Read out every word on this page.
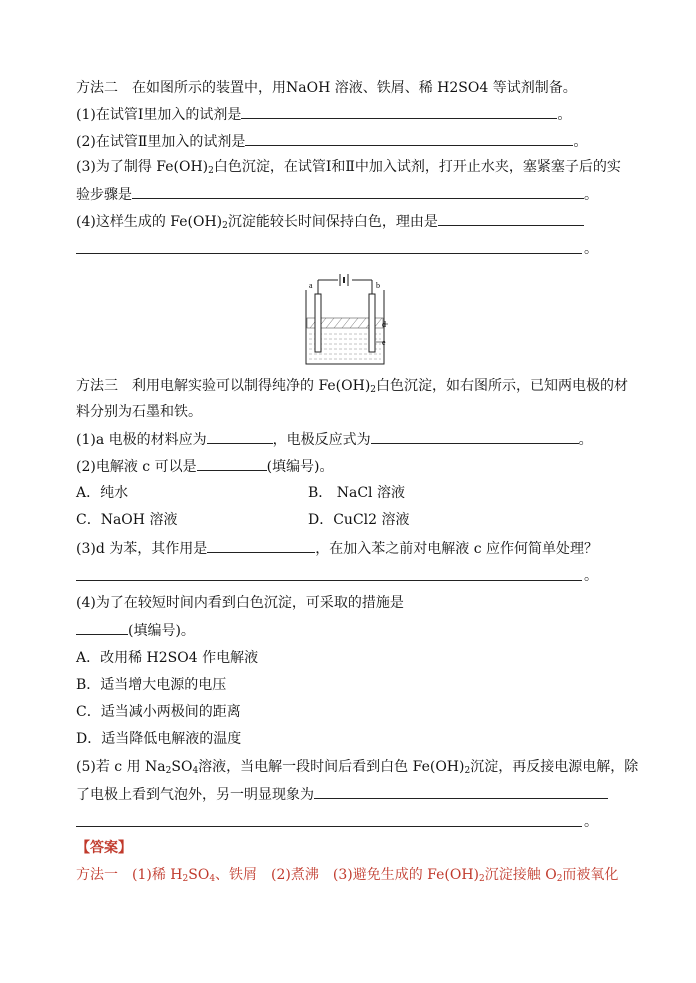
方法二　在如图所示的装置中，用NaOH 溶液、铁屑、稀 H2SO4 等试剂制备。
(1)在试管Ⅰ里加入的试剂是	。
(2)在试管Ⅱ里加入的试剂是	。
(3)为了制得 $Fe(OH)_2$白色沉淀，在试管Ⅰ和Ⅱ中加入试剂，打开止水夹，塞紧塞子后的实
验步骤是	。
(4)这样生成的 $Fe(OH)_2$沉淀能较长时间保持白色，理由是
。
a	b
d
e
方法三　利用电解实验可以制得纯净的 $Fe(OH)_2$白色沉淀，如右图所示，已知两电极的材
料分别为石墨和铁。
(1)a 电极的材料应为	，电极反应式为	。
(2)电解液 c 可以是	(填编号)。
A．纯水	B． NaCl 溶液
C．NaOH 溶液	D．CuCl2 溶液
(3)d 为苯，其作用是	，在加入苯之前对电解液 c 应作何简单处理？
。
(4)为了在较短时间内看到白色沉淀，可采取的措施是
(填编号)。
A．改用稀 H2SO4 作电解液
B．适当增大电源的电压
C．适当减小两极间的距离
D．适当降低电解液的温度
(5)若 c 用 $Na_2SO_4$溶液，当电解一段时间后看到白色 $Fe(OH)_2$沉淀，再反接电源电解，除
了电极上看到气泡外，另一明显现象为
。
【答案】
方法一　(1)稀 $H_2SO_4$、铁屑　(2)煮沸　(3)避免生成的 $Fe(OH)_2$沉淀接触 $O_2$而被氧化
